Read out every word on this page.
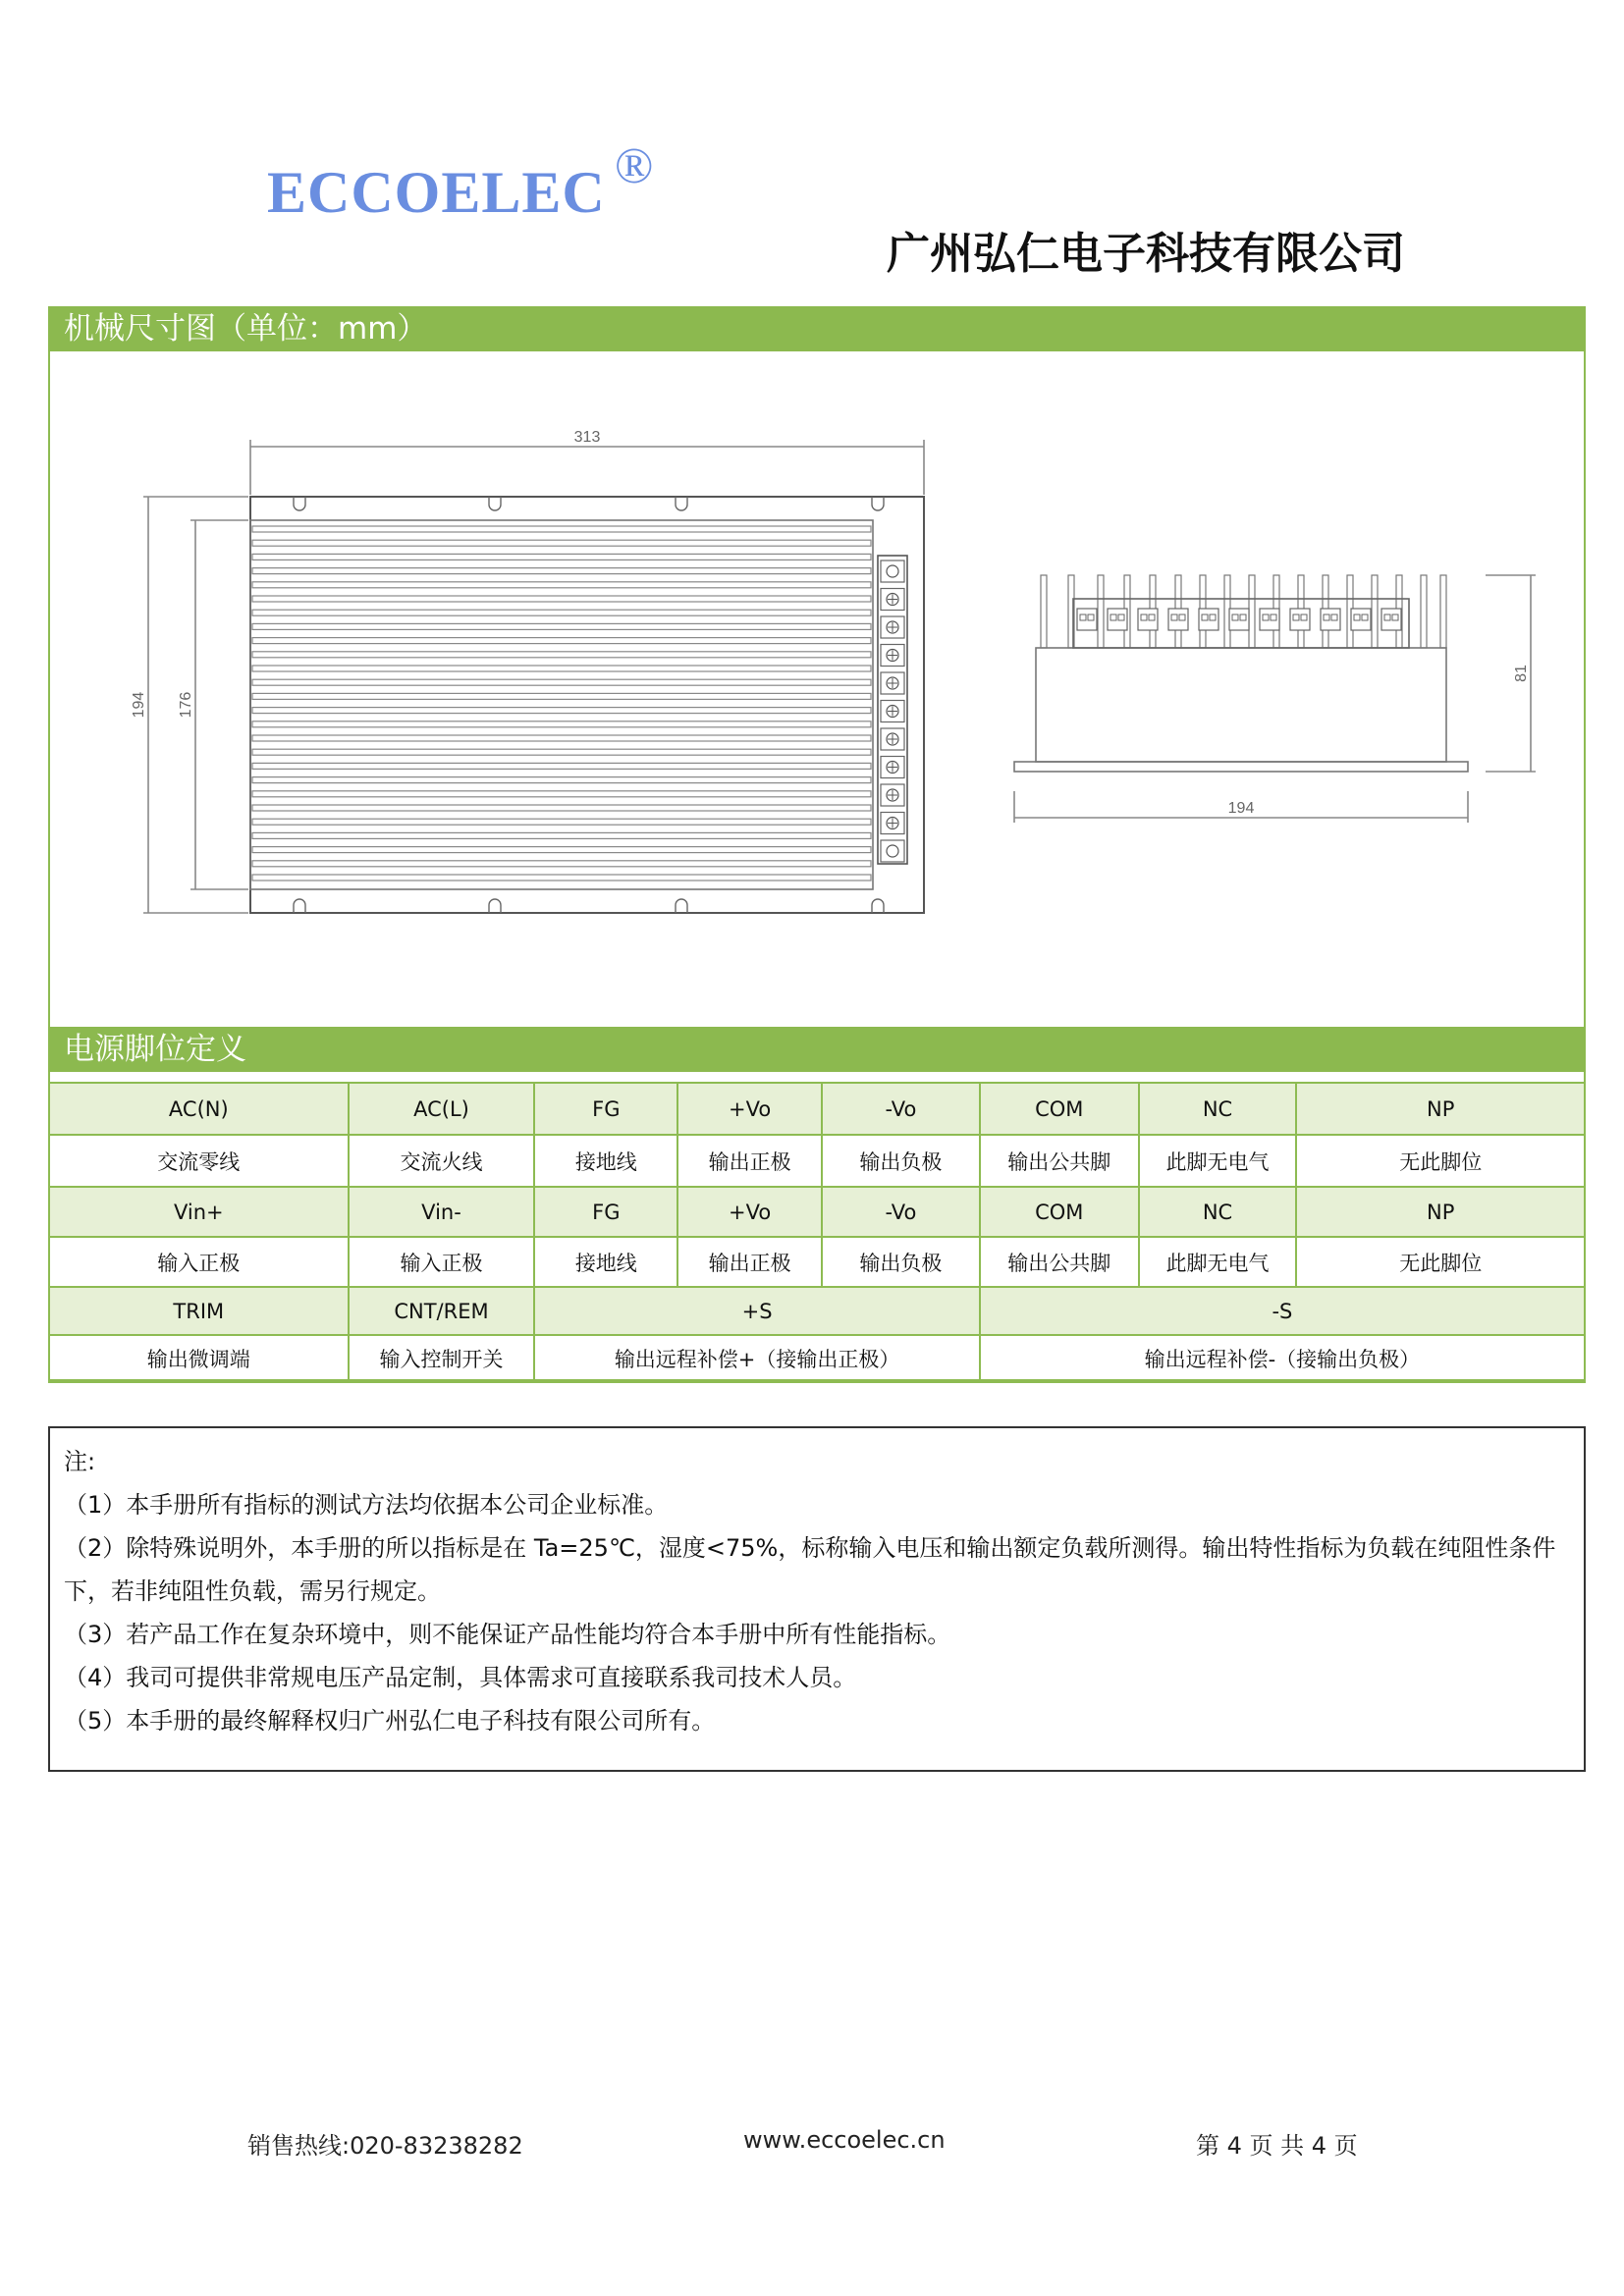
ECCOELEC ®
广州弘仁电子科技有限公司
机械尺寸图（单位：mm）
313
194 176
194
81
电源脚位定义
AC(N)	AC(L)	FG	+Vo	-Vo	COM	NC	NP
交流零线	交流火线	接地线	输出正极	输出负极	输出公共脚	此脚无电气	无此脚位
Vin+	Vin-	FG	+Vo	-Vo	COM	NC	NP
输入正极	输入正极	接地线	输出正极	输出负极	输出公共脚	此脚无电气	无此脚位
TRIM	CNT/REM	+S			-S		
输出微调端	输入控制开关	输出远程补偿+（接输出正极）			输出远程补偿-（接输出负极）		

注:

（1）本手册所有指标的测试方法均依据本公司企业标准。

（2）除特殊说明外，本手册的所以指标是在 Ta=25℃，湿度<75%，标称输入电压和输出额定负载所测得。输出特性指标为负载在纯阻性条件下，若非纯阻性负载，需另行规定。

（3）若产品工作在复杂环境中，则不能保证产品性能均符合本手册中所有性能指标。

（4）我司可提供非常规电压产品定制，具体需求可直接联系我司技术人员。

（5）本手册的最终解释权归广州弘仁电子科技有限公司所有。

销售热线:020-83238282	www.eccoelec.cn	第 4 页 共 4 页
